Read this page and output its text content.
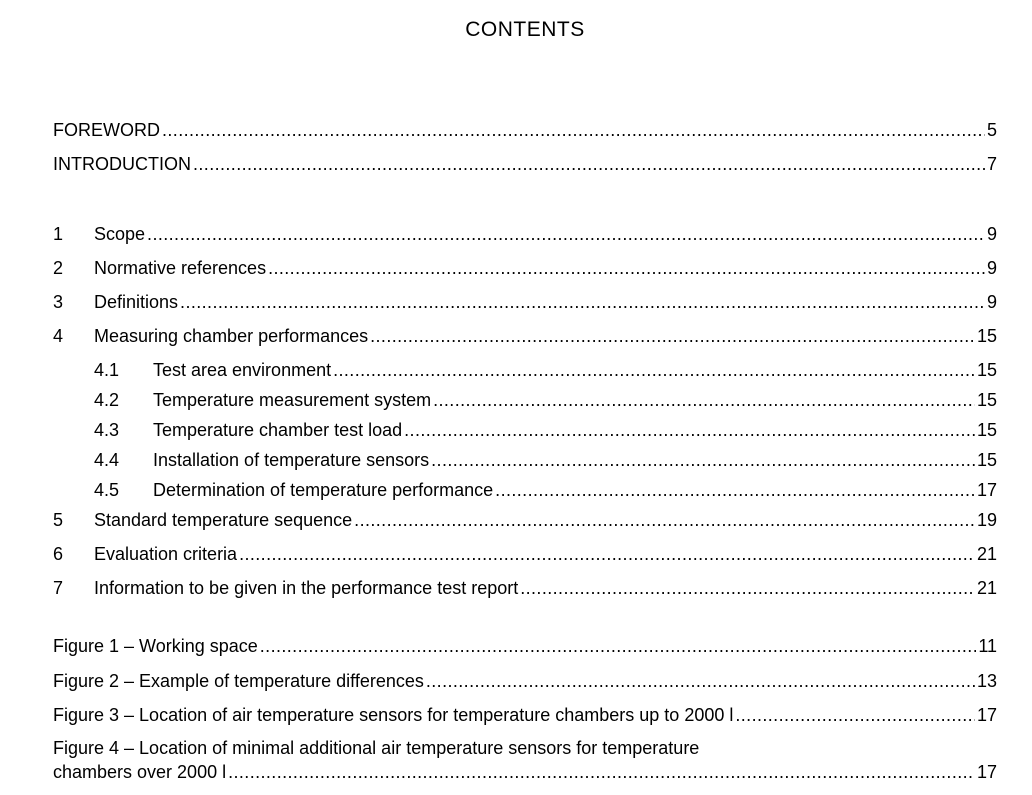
CONTENTS
FOREWORD .....	5
INTRODUCTION .....	7
1	Scope .....	9
2	Normative references .....	9
3	Definitions .....	9
4	Measuring chamber performances .....	15
4.1	Test area environment .....	15
4.2	Temperature measurement system .....	15
4.3	Temperature chamber test load .....	15
4.4	Installation of temperature sensors .....	15
4.5	Determination of temperature performance .....	17
5	Standard temperature sequence .....	19
6	Evaluation criteria .....	21
7	Information to be given in the performance test report .....	21
Figure 1 – Working space .....	11
Figure 2 – Example of temperature differences .....	13
Figure 3 – Location of air temperature sensors for temperature chambers up to 2000 l .....	17
Figure 4 – Location of minimal additional air temperature sensors for temperature
chambers over 2000 l .....	17
